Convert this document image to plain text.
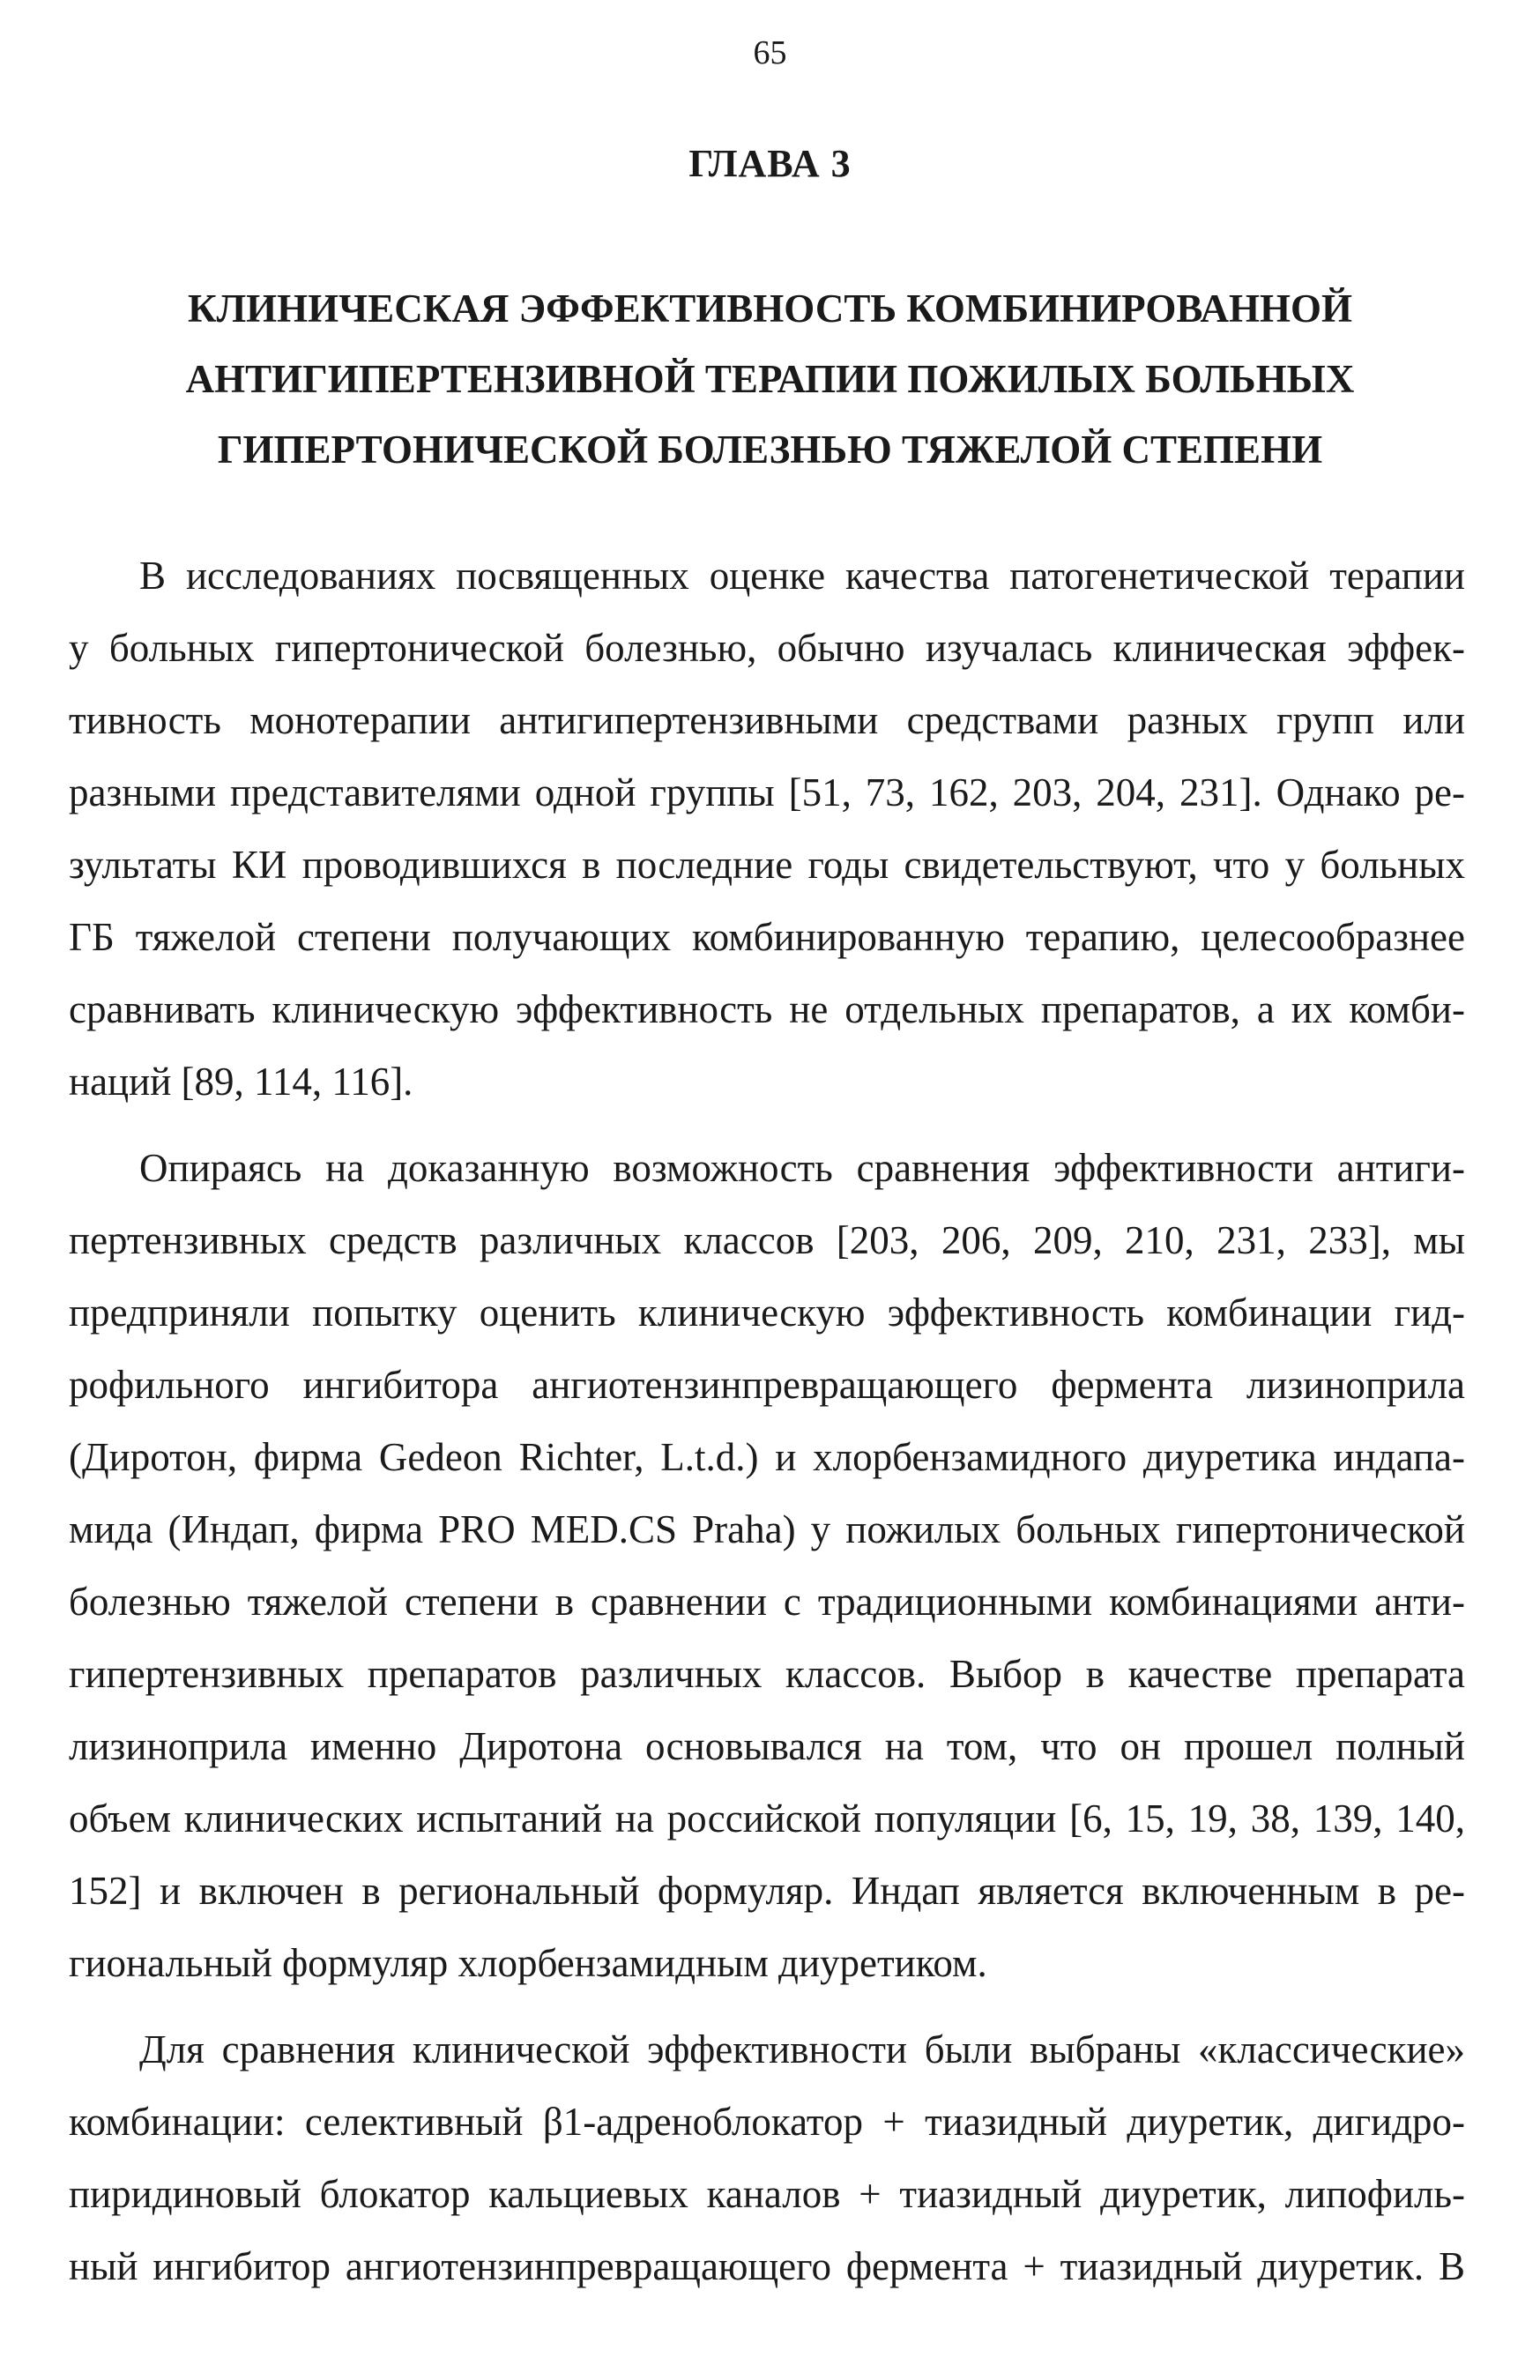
65
ГЛАВА 3
КЛИНИЧЕСКАЯ ЭФФЕКТИВНОСТЬ КОМБИНИРОВАННОЙ
АНТИГИПЕРТЕНЗИВНОЙ ТЕРАПИИ ПОЖИЛЫХ БОЛЬНЫХ
ГИПЕРТОНИЧЕСКОЙ БОЛЕЗНЬЮ ТЯЖЕЛОЙ СТЕПЕНИ

В исследованиях посвященных оценке качества патогенетической терапии
у больных гипертонической болезнью, обычно изучалась клиническая эффек-
тивность монотерапии антигипертензивными средствами разных групп или
разными представителями одной группы [51, 73, 162, 203, 204, 231]. Однако ре-
зультаты КИ проводившихся в последние годы свидетельствуют, что у больных
ГБ тяжелой степени получающих комбинированную терапию, целесообразнее
сравнивать клиническую эффективность не отдельных препаратов, а их комби-
наций [89, 114, 116].

Опираясь на доказанную возможность сравнения эффективности антиги-
пертензивных средств различных классов [203, 206, 209, 210, 231, 233], мы
предприняли попытку оценить клиническую эффективность комбинации гид-
рофильного ингибитора ангиотензинпревращающего фермента лизиноприла
(Диротон, фирма Gedeon Richter, L.t.d.) и хлорбензамидного диуретика индапа-
мида (Индап, фирма PRO MED.CS Praha) у пожилых больных гипертонической
болезнью тяжелой степени в сравнении с традиционными комбинациями анти-
гипертензивных препаратов различных классов. Выбор в качестве препарата
лизиноприла именно Диротона основывался на том, что он прошел полный
объем клинических испытаний на российской популяции [6, 15, 19, 38, 139, 140,
152] и включен в региональный формуляр. Индап является включенным в ре-
гиональный формуляр хлорбензамидным диуретиком.

Для сравнения клинической эффективности были выбраны «классические»
комбинации: селективный β1-адреноблокатор + тиазидный диуретик, дигидро-
пиридиновый блокатор кальциевых каналов + тиазидный диуретик, липофиль-
ный ингибитор ангиотензинпревращающего фермента + тиазидный диуретик. В
